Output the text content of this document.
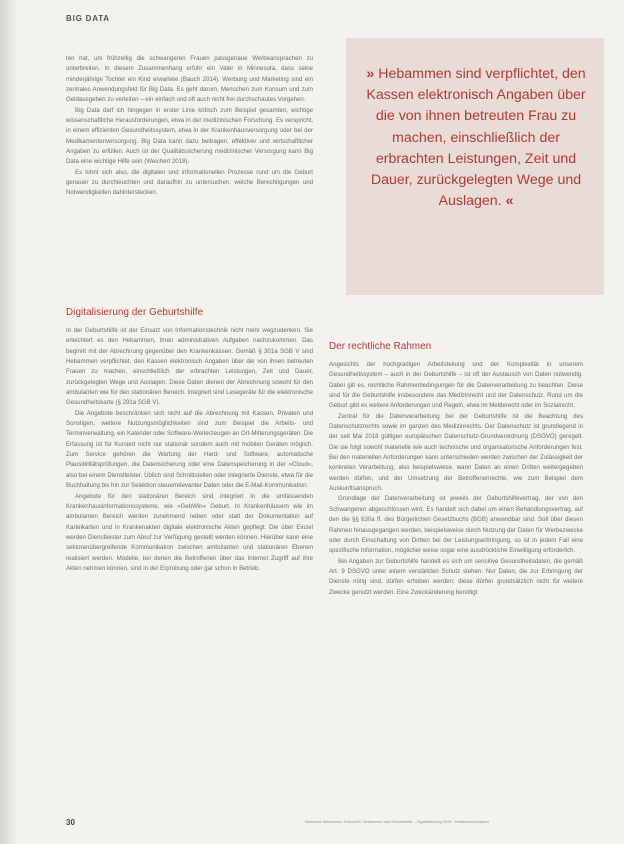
BIG DATA

ten hat, um frühzeitig die schwangeren Frauen passgenaue Werbeansprachen zu unterbreiten. In diesem Zusammenhang erfuhr ein Vater in Minnesota, dass seine minderjährige Tochter ein Kind erwartete (Bauch 2014). Werbung und Marketing sind ein zentrales Anwendungsfeld für Big Data. Es geht darum, Menschen zum Konsum und zum Geldausgeben zu verleiten – ein einfach und oft auch nicht frei durchschautes Vorgehen.

Big Data darf ich hingegen in erster Linie kritisch zum Beispiel gesamten, wichtige wissenschaftliche Herausforderungen, etwa in der medizinischen Forschung. Es verspricht, in einem effizienten Gesundheitssystem, etwa in der Krankenhausversorgung oder bei der Medikamentenversorgung. Big Data kann dazu beitragen, effektiver und wirtschaftlicher Angaben zu erfüllen. Auch ist der Qualitätssicherung medizinischer Versorgung kann Big Data eine wichtige Hilfe sein (Weichert 2018).

Es lohnt sich also, die digitalen und informationellen Prozesse rund um die Geburt genauer zu durchleuchten und daraufhin zu untersuchen, welche Berechtigungen und Notwendigkeiten dahinterstecken.

Digitalisierung der Geburtshilfe

In der Geburtshilfe ist der Einsatz von Informationstechnik nicht mehr wegzudenken. Sie erleichtert es den Hebammen, ihren administrativen Aufgaben nachzukommen. Das beginnt mit der Abrechnung gegenüber den Krankenkassen. Gemäß § 301a SGB V sind Hebammen verpflichtet, den Kassen elektronisch Angaben über die von ihnen betreuten Frauen zu machen, einschließlich der erbrachten Leistungen, Zeit und Dauer, zurückgelegten Wege und Auslagen. Diese Daten dienen der Abrechnung sowohl für den ambulanten wie für den stationären Bereich. Integriert sind Lesegeräte für die elektronische Gesundheitskarte (§ 291a SGB V).

Die Angebote beschränken sich nicht auf die Abrechnung mit Kassen, Privaten und Sonstigen, weitere Nutzungsmöglichkeiten sind zum Beispiel die Arbeits- und Terminverwaltung, ein Kalender oder Software-Weiterzeugen an Ort-Mitterungsgeräten. Die Erfassung ist für Kursiert nicht nur stationär sondern auch mit mobilen Geräten möglich. Zum Service gehören die Wartung der Hard- und Software, automatische Plausibilitätsprüfungen, die Datensicherung oder eine Datenspeicherung in der »Cloud«, also bei einem Dienstleister. Üblich sind Schnittstellen oder integrierte Dienste, etwa für die Buchhaltung bis hin zur Selektion steuerrelevanter Daten oder die E-Mail-Kommunikation.

Angebote für den stationären Bereich sind integriert in die umfassenden Krankenhausinformationssysteme, wie »GebWin« Geburt. In Krankenhäusern wie im ambulanten Bereich werden zunehmend neben oder statt der Dokumentation auf Karteikarten und in Krankenakten digitale elektronische Akten gepflegt. Die über Einzel werden Dienstleister zum Abruf zur Verfügung gestellt werden können. Hierüber kann eine sektorenübergreifende Kommunikation zwischen ambulanten und stationären Ebenen realisiert werden. Modelle, bei denen die Betroffenen über das Internet Zugriff auf ihre Akten nehmen können, sind in der Erprobung oder gar schon in Betrieb.

» Hebammen sind verpflichtet, den Kassen elektronisch Angaben über die von ihnen betreuten Frau zu machen, einschließlich der erbrachten Leistungen, Zeit und Dauer, zurückgelegten Wege und Auslagen. «

Der rechtliche Rahmen

Angesichts der hochgradigen Arbeitsteilung und der Komplexität in unserem Gesundheitssystem – auch in der Geburtshilfe – ist oft der Austausch von Daten notwendig. Dabei gilt es, rechtliche Rahmenbedingungen für die Datenverarbeitung zu beachten. Diese sind für die Geburtshilfe insbesondere das Medizinrecht und der Datenschutz. Rund um die Geburt gibt es weitere Anforderungen und Regeln, etwa im Melderecht oder im Sozialrecht.

Zentral für die Datenverarbeitung bei der Geburtshilfe ist die Beachtung des Datenschutzrechts sowie im ganzen des Medizinrechts. Der Datenschutz ist grundlegend in der seit Mai 2018 gültigen europäischen Datenschutz-Grundverordnung (DSGVO) geregelt. Die sie folgt sowohl materielle wie auch technische und organisatorische Anforderungen fest. Bei den materiellen Anforderungen kann unterschieden werden zwischen der Zulässigkeit der konkreten Verarbeitung, also beispielsweise, wann Daten an einen Dritten weitergegeben werden dürfen, und der Umsetzung der Betroffenenrechte, wie zum Beispiel dem Auskunftsanspruch.

Grundlage der Datenverarbeitung ist jeweils der Geburtshilfevertrag, der von den Schwangeren abgeschlossen wird. Es handelt sich dabei um einen Behandlungsvertrag, auf den die §§ 630a ff. des Bürgerlichen Gesetzbuchs (BGB) anwendbar sind. Soll über diesen Rahmen hinausgegangen werden, beispielsweise durch Nutzung der Daten für Werbezwecke oder durch Einschaltung von Dritten bei der Leistungserbringung, so ist in jedem Fall eine spezifische Information, möglicher weise sogar eine ausdrückliche Einwilligung erforderlich.

Bei Angaben zur Geburtshilfe handelt es sich um sensitive Gesundheitsdaten, die gemäß Art. 9 DSGVO unter einem verstärkten Schutz stehen. Nur Daten, die zur Erbringung der Dienste nötig sind, dürfen erhoben werden; diese dürfen grundsätzlich nicht für weitere Zwecke genutzt werden. Eine Zweckänderung benötigt

30	Deutsche Hebammen Zeitschrift, Hebammen und Geburtshilfe – Digitalisierung 2019 · Hebammenverband
